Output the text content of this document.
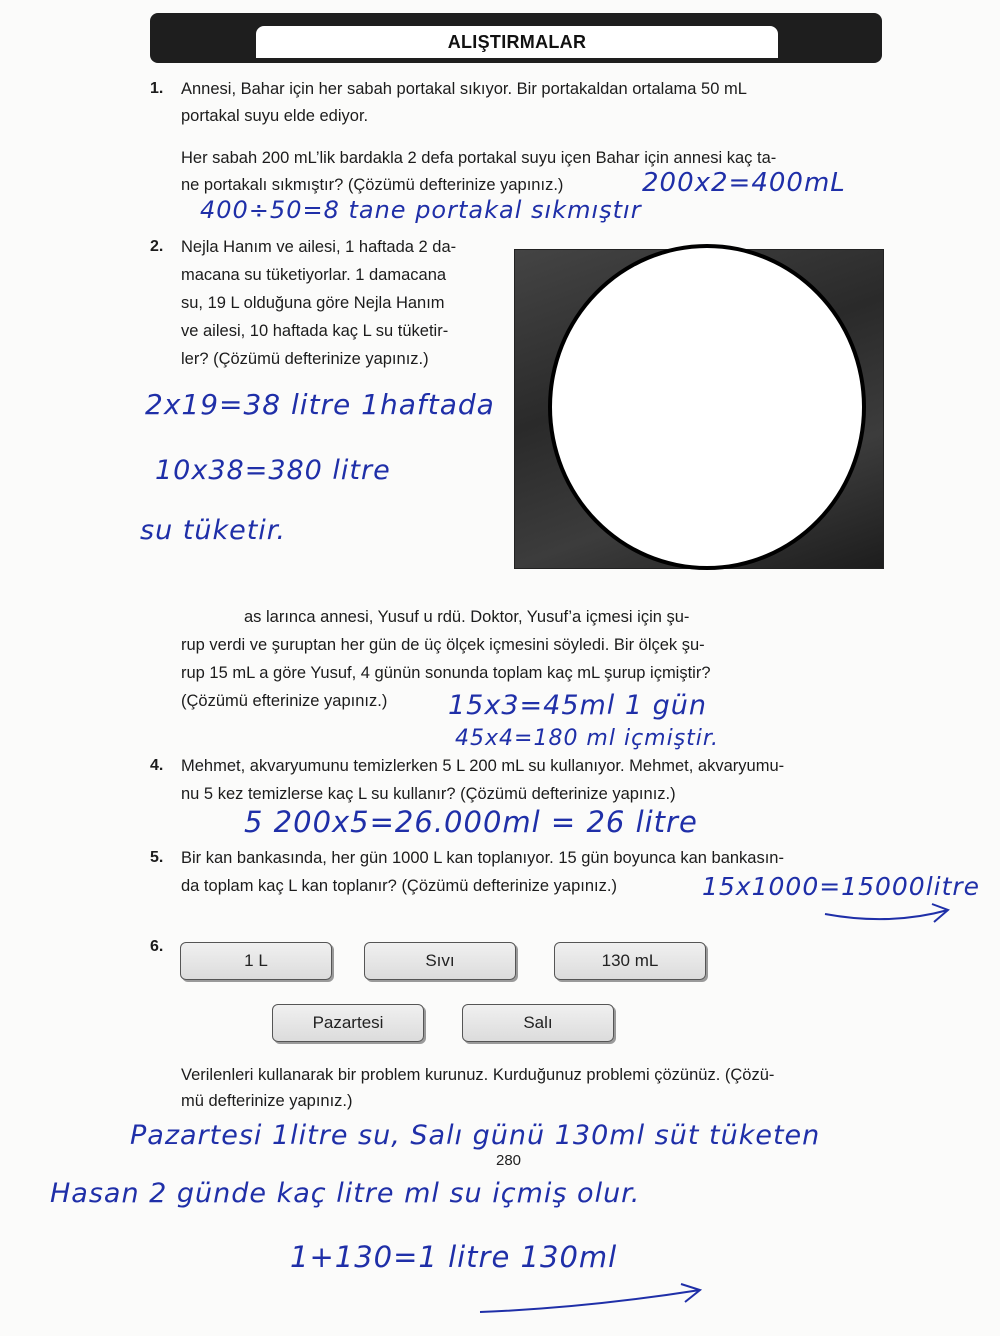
ALIŞTIRMALAR
1. Annesi, Bahar için her sabah portakal sıkıyor. Bir portakaldan ortalama 50 mL
portakal suyu elde ediyor.
Her sabah 200 mL’lik bardakla 2 defa portakal suyu içen Bahar için annesi kaç ta-
ne portakalı sıkmıştır? (Çözümü defterinize yapınız.)	200x2=400mL
400÷50=8 tane portakal sıkmıştır
2. Nejla Hanım ve ailesi, 1 haftada 2 da-
macana su tüketiyorlar. 1 damacana
su, 19 L olduğuna göre Nejla Hanım
ve ailesi, 10 haftada kaç L su tüketir-
ler? (Çözümü defterinize yapınız.)
2x19=38 litre 1haftada
10x38=380 litre
su tüketir.
as larınca annesi, Yusuf u rdü. Doktor, Yusuf’a içmesi için şu-
rup verdi ve şuruptan her gün de üç ölçek içmesini söyledi. Bir ölçek şu-
rup 15 mL a göre Yusuf, 4 günün sonunda toplam kaç mL şurup içmiştir?
(Çözümü efterinize yapınız.) 15x3=45ml 1 gün
45x4=180 ml içmiştir.
4. Mehmet, akvaryumunu temizlerken 5 L 200 mL su kullanıyor. Mehmet, akvaryumu-
nu 5 kez temizlerse kaç L su kullanır? (Çözümü defterinize yapınız.)
5 200x5=26.000ml = 26 litre
5. Bir kan bankasında, her gün 1000 L kan toplanıyor. 15 gün boyunca kan bankasın-
da toplam kaç L kan toplanır? (Çözümü defterinize yapınız.)	15x1000=15000litre
6.
1 L	Sıvı	130 mL
Pazartesi	Salı
Verilenleri kullanarak bir problem kurunuz. Kurduğunuz problemi çözünüz. (Çözü-
mü defterinize yapınız.)
Pazartesi 1litre su, Salı günü 130ml süt tüketen
280
Hasan 2 günde kaç litre ml su içmiş olur.
1+130=1 litre 130ml
